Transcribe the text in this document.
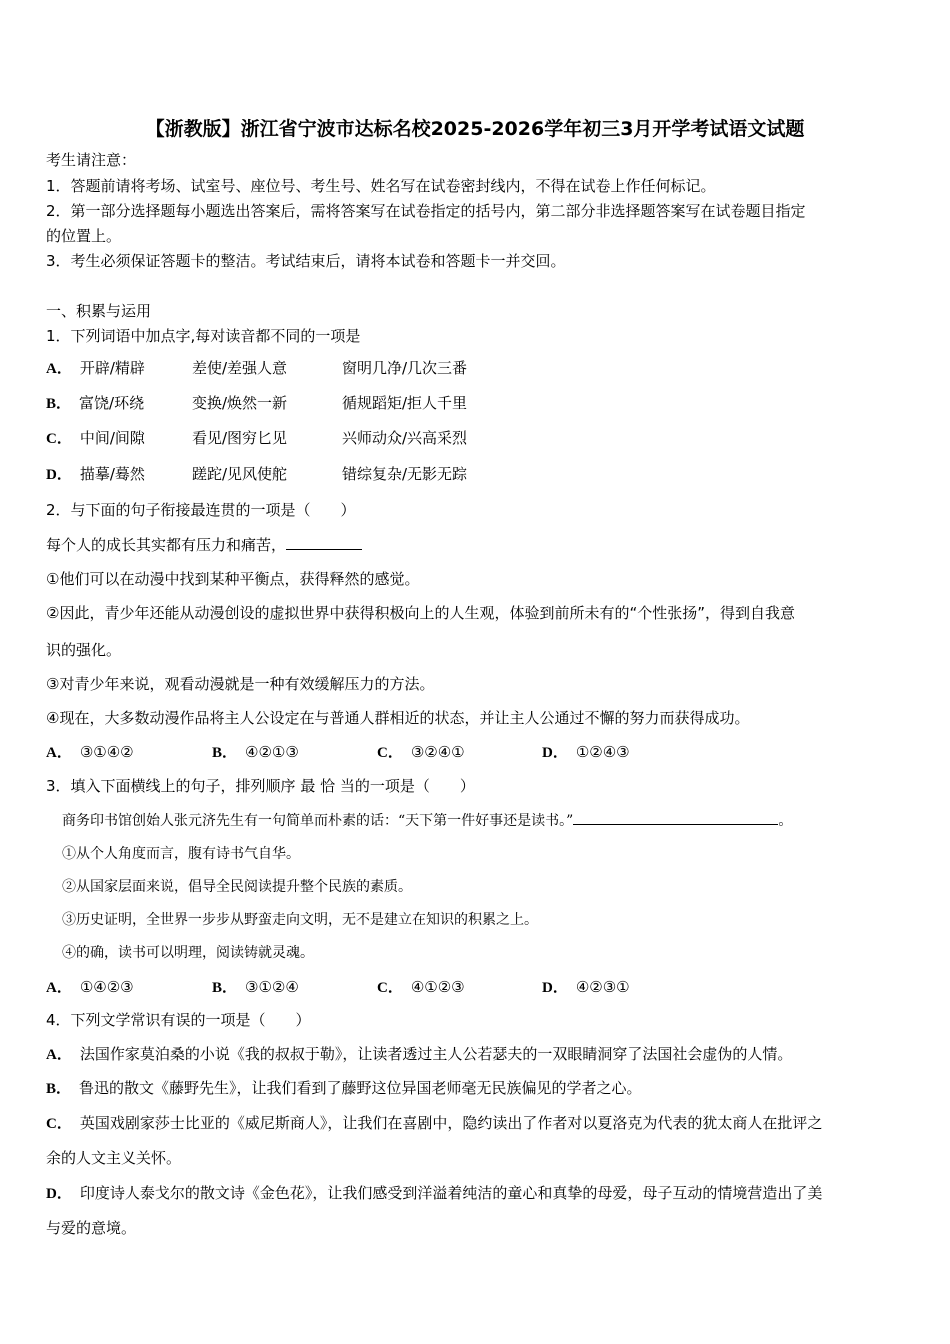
【浙教版】浙江省宁波市达标名校2025-2026学年初三3月开学考试语文试题
考生请注意：
1．答题前请将考场、试室号、座位号、考生号、姓名写在试卷密封线内，不得在试卷上作任何标记。
2．第一部分选择题每小题选出答案后，需将答案写在试卷指定的括号内，第二部分非选择题答案写在试卷题目指定
的位置上。
3．考生必须保证答题卡的整洁。考试结束后，请将本试卷和答题卡一并交回。
一、积累与运用
1．下列词语中加点字,每对读音都不同的一项是
A． 开辟/精辟	差使/差强人意	窗明几净/几次三番
B． 富饶/环绕	变换/焕然一新	循规蹈矩/拒人千里
C． 中间/间隙	看见/图穷匕见	兴师动众/兴高采烈
D． 描摹/蓦然	蹉跎/见风使舵	错综复杂/无影无踪
2．与下面的句子衔接最连贯的一项是（　　）
每个人的成长其实都有压力和痛苦，
①他们可以在动漫中找到某种平衡点，获得释然的感觉。
②因此，青少年还能从动漫创设的虚拟世界中获得积极向上的人生观，体验到前所未有的“个性张扬”，得到自我意
识的强化。
③对青少年来说，观看动漫就是一种有效缓解压力的方法。
④现在，大多数动漫作品将主人公设定在与普通人群相近的状态，并让主人公通过不懈的努力而获得成功。
A． ③①④②	B． ④②①③	C． ③②④①	D． ①②④③
3．填入下面横线上的句子，排列顺序 最 恰 当的一项是（　　）
商务印书馆创始人张元济先生有一句简单而朴素的话：“天下第一件好事还是读书。”	。
①从个人角度而言，腹有诗书气自华。
②从国家层面来说，倡导全民阅读提升整个民族的素质。
③历史证明，全世界一步步从野蛮走向文明，无不是建立在知识的积累之上。
④的确，读书可以明理，阅读铸就灵魂。
A． ①④②③	B． ③①②④	C． ④①②③	D． ④②③①
4．下列文学常识有误的一项是（　　）
A． 法国作家莫泊桑的小说《我的叔叔于勒》，让读者透过主人公若瑟夫的一双眼睛洞穿了法国社会虚伪的人情。
B． 鲁迅的散文《藤野先生》，让我们看到了藤野这位异国老师毫无民族偏见的学者之心。
C． 英国戏剧家莎士比亚的《威尼斯商人》，让我们在喜剧中，隐约读出了作者对以夏洛克为代表的犹太商人在批评之
余的人文主义关怀。
D． 印度诗人泰戈尔的散文诗《金色花》，让我们感受到洋溢着纯洁的童心和真挚的母爱，母子互动的情境营造出了美
与爱的意境。
